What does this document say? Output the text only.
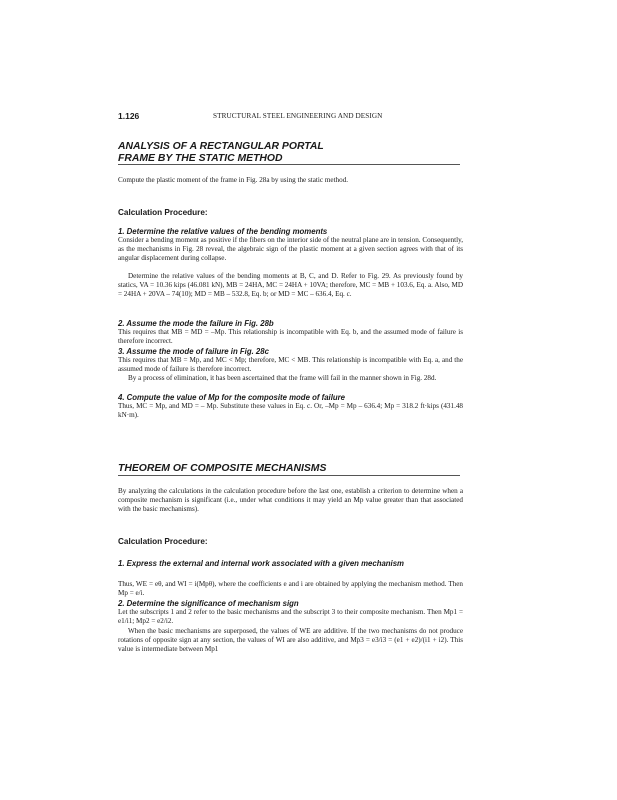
1.126	STRUCTURAL STEEL ENGINEERING AND DESIGN
ANALYSIS OF A RECTANGULAR PORTAL
FRAME BY THE STATIC METHOD
Compute the plastic moment of the frame in Fig. 28a by using the static method.
Calculation Procedure:
1. Determine the relative values of the bending moments
Consider a bending moment as positive if the fibers on the interior side of the neutral plane are in tension. Consequently, as the mechanisms in Fig. 28 reveal, the algebraic sign of the plastic moment at a given section agrees with that of its angular displacement during collapse.
Determine the relative values of the bending moments at B, C, and D. Refer to Fig. 29. As previously found by statics, VA = 10.36 kips (46.081 kN), MB = 24HA, MC = 24HA + 10VA; therefore, MC = MB + 103.6, Eq. a. Also, MD = 24HA + 20VA – 74(10); MD = MB – 532.8, Eq. b; or MD = MC – 636.4, Eq. c.
2. Assume the mode the failure in Fig. 28b
This requires that MB = MD = –Mp. This relationship is incompatible with Eq. b, and the assumed mode of failure is therefore incorrect.
3. Assume the mode of failure in Fig. 28c
This requires that MB = Mp, and MC < Mp; therefore, MC < MB. This relationship is incompatible with Eq. a, and the assumed mode of failure is therefore incorrect.
By a process of elimination, it has been ascertained that the frame will fail in the manner shown in Fig. 28d.
4. Compute the value of Mp for the composite mode of failure
Thus, MC = Mp, and MD = – Mp. Substitute these values in Eq. c. Or, –Mp = Mp – 636.4; Mp = 318.2 ft·kips (431.48 kN·m).
THEOREM OF COMPOSITE MECHANISMS
By analyzing the calculations in the calculation procedure before the last one, establish a criterion to determine when a composite mechanism is significant (i.e., under what conditions it may yield an Mp value greater than that associated with the basic mechanisms).
Calculation Procedure:
1. Express the external and internal work associated with a given mechanism
Thus, WE = eθ, and WI = i(Mpθ), where the coefficients e and i are obtained by applying the mechanism method. Then Mp = e/i.
2. Determine the significance of mechanism sign
Let the subscripts 1 and 2 refer to the basic mechanisms and the subscript 3 to their composite mechanism. Then Mp1 = e1/i1; Mp2 = e2/i2.
When the basic mechanisms are superposed, the values of WE are additive. If the two mechanisms do not produce rotations of opposite sign at any section, the values of WI are also additive, and Mp3 = e3/i3 = (e1 + e2)/(i1 + i2). This value is intermediate between Mp1
